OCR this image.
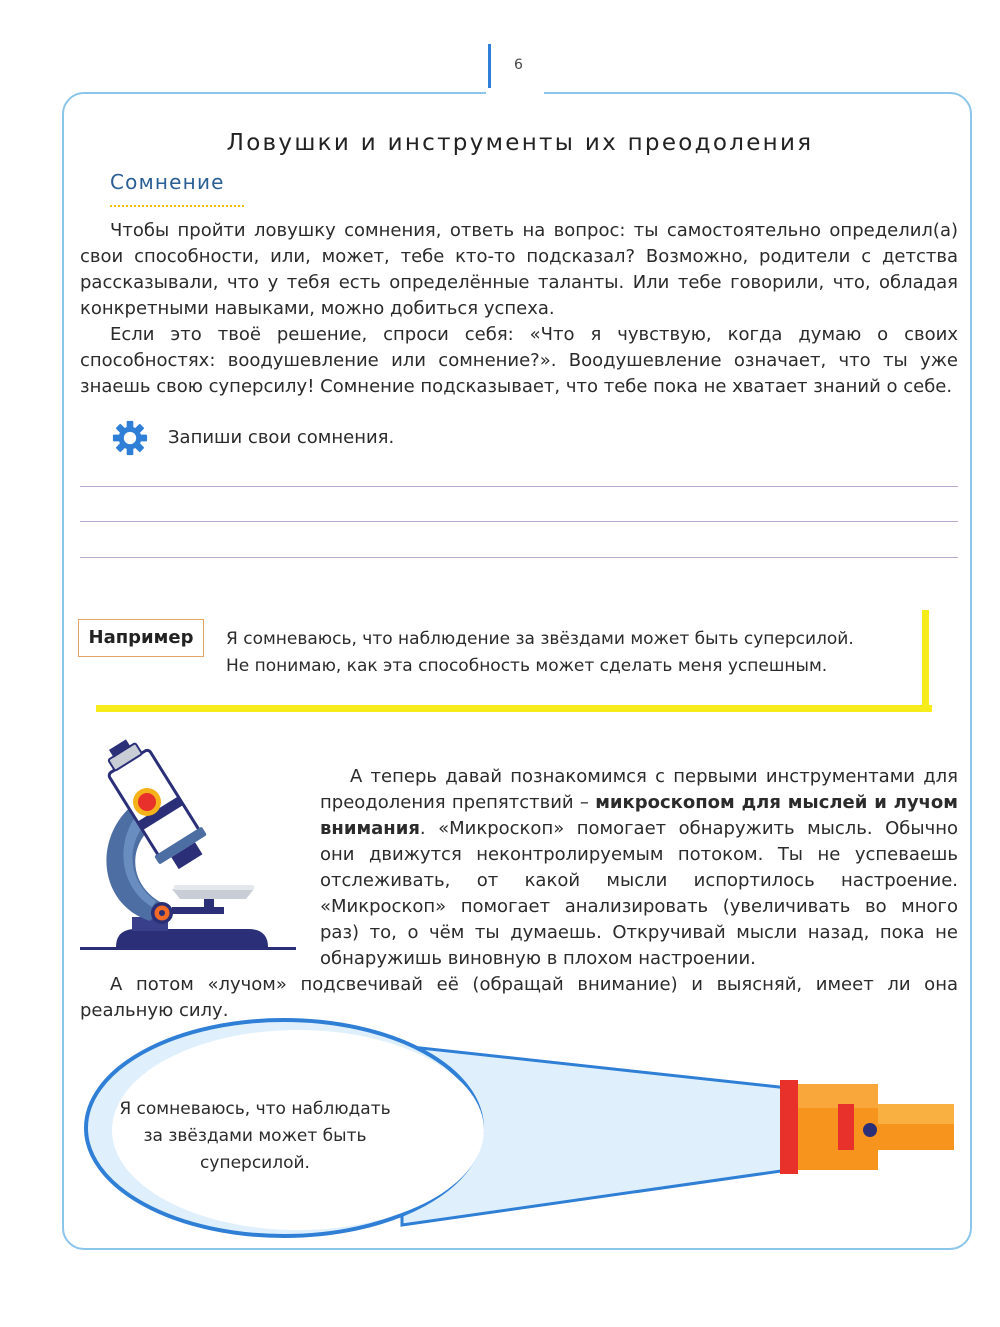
6
Ловушки и инструменты их преодоления
Сомнение

Чтобы пройти ловушку сомнения, ответь на вопрос: ты самостоятельно определил(а) свои способности, или, может, тебе кто-то подсказал? Возможно, родители с детства рассказывали, что у тебя есть определённые таланты. Или тебе говорили, что, обладая конкретными навыками, можно добиться успеха.

Если это твоё решение, спроси себя: «Что я чувствую, когда думаю о своих способностях: воодушевление или сомнение?». Воодушевление означает, что ты уже знаешь свою суперсилу! Сомнение подсказывает, что тебе пока не хватает знаний о себе.

Запиши свои сомнения.
Например	Я сомневаюсь, что наблюдение за звёздами может быть суперсилой.
Не понимаю, как эта способность может сделать меня успешным.

А теперь давай познакомимся с первыми инструментами для преодоления препятствий – микроскопом для мыслей и лучом внимания. «Микроскоп» помогает обнаружить мысль. Обычно они движутся неконтролируемым потоком. Ты не успеваешь отслеживать, от какой мысли испортилось настроение. «Микроскоп» помогает анализировать (увеличивать во много раз) то, о чём ты думаешь. Откручивай мысли назад, пока не обнаружишь виновную в плохом настроении.

А потом «лучом» подсвечивай её (обращай внимание) и выясняй, имеет ли она реальную силу.

Я сомневаюсь, что наблюдать
за звёздами может быть суперсилой.
